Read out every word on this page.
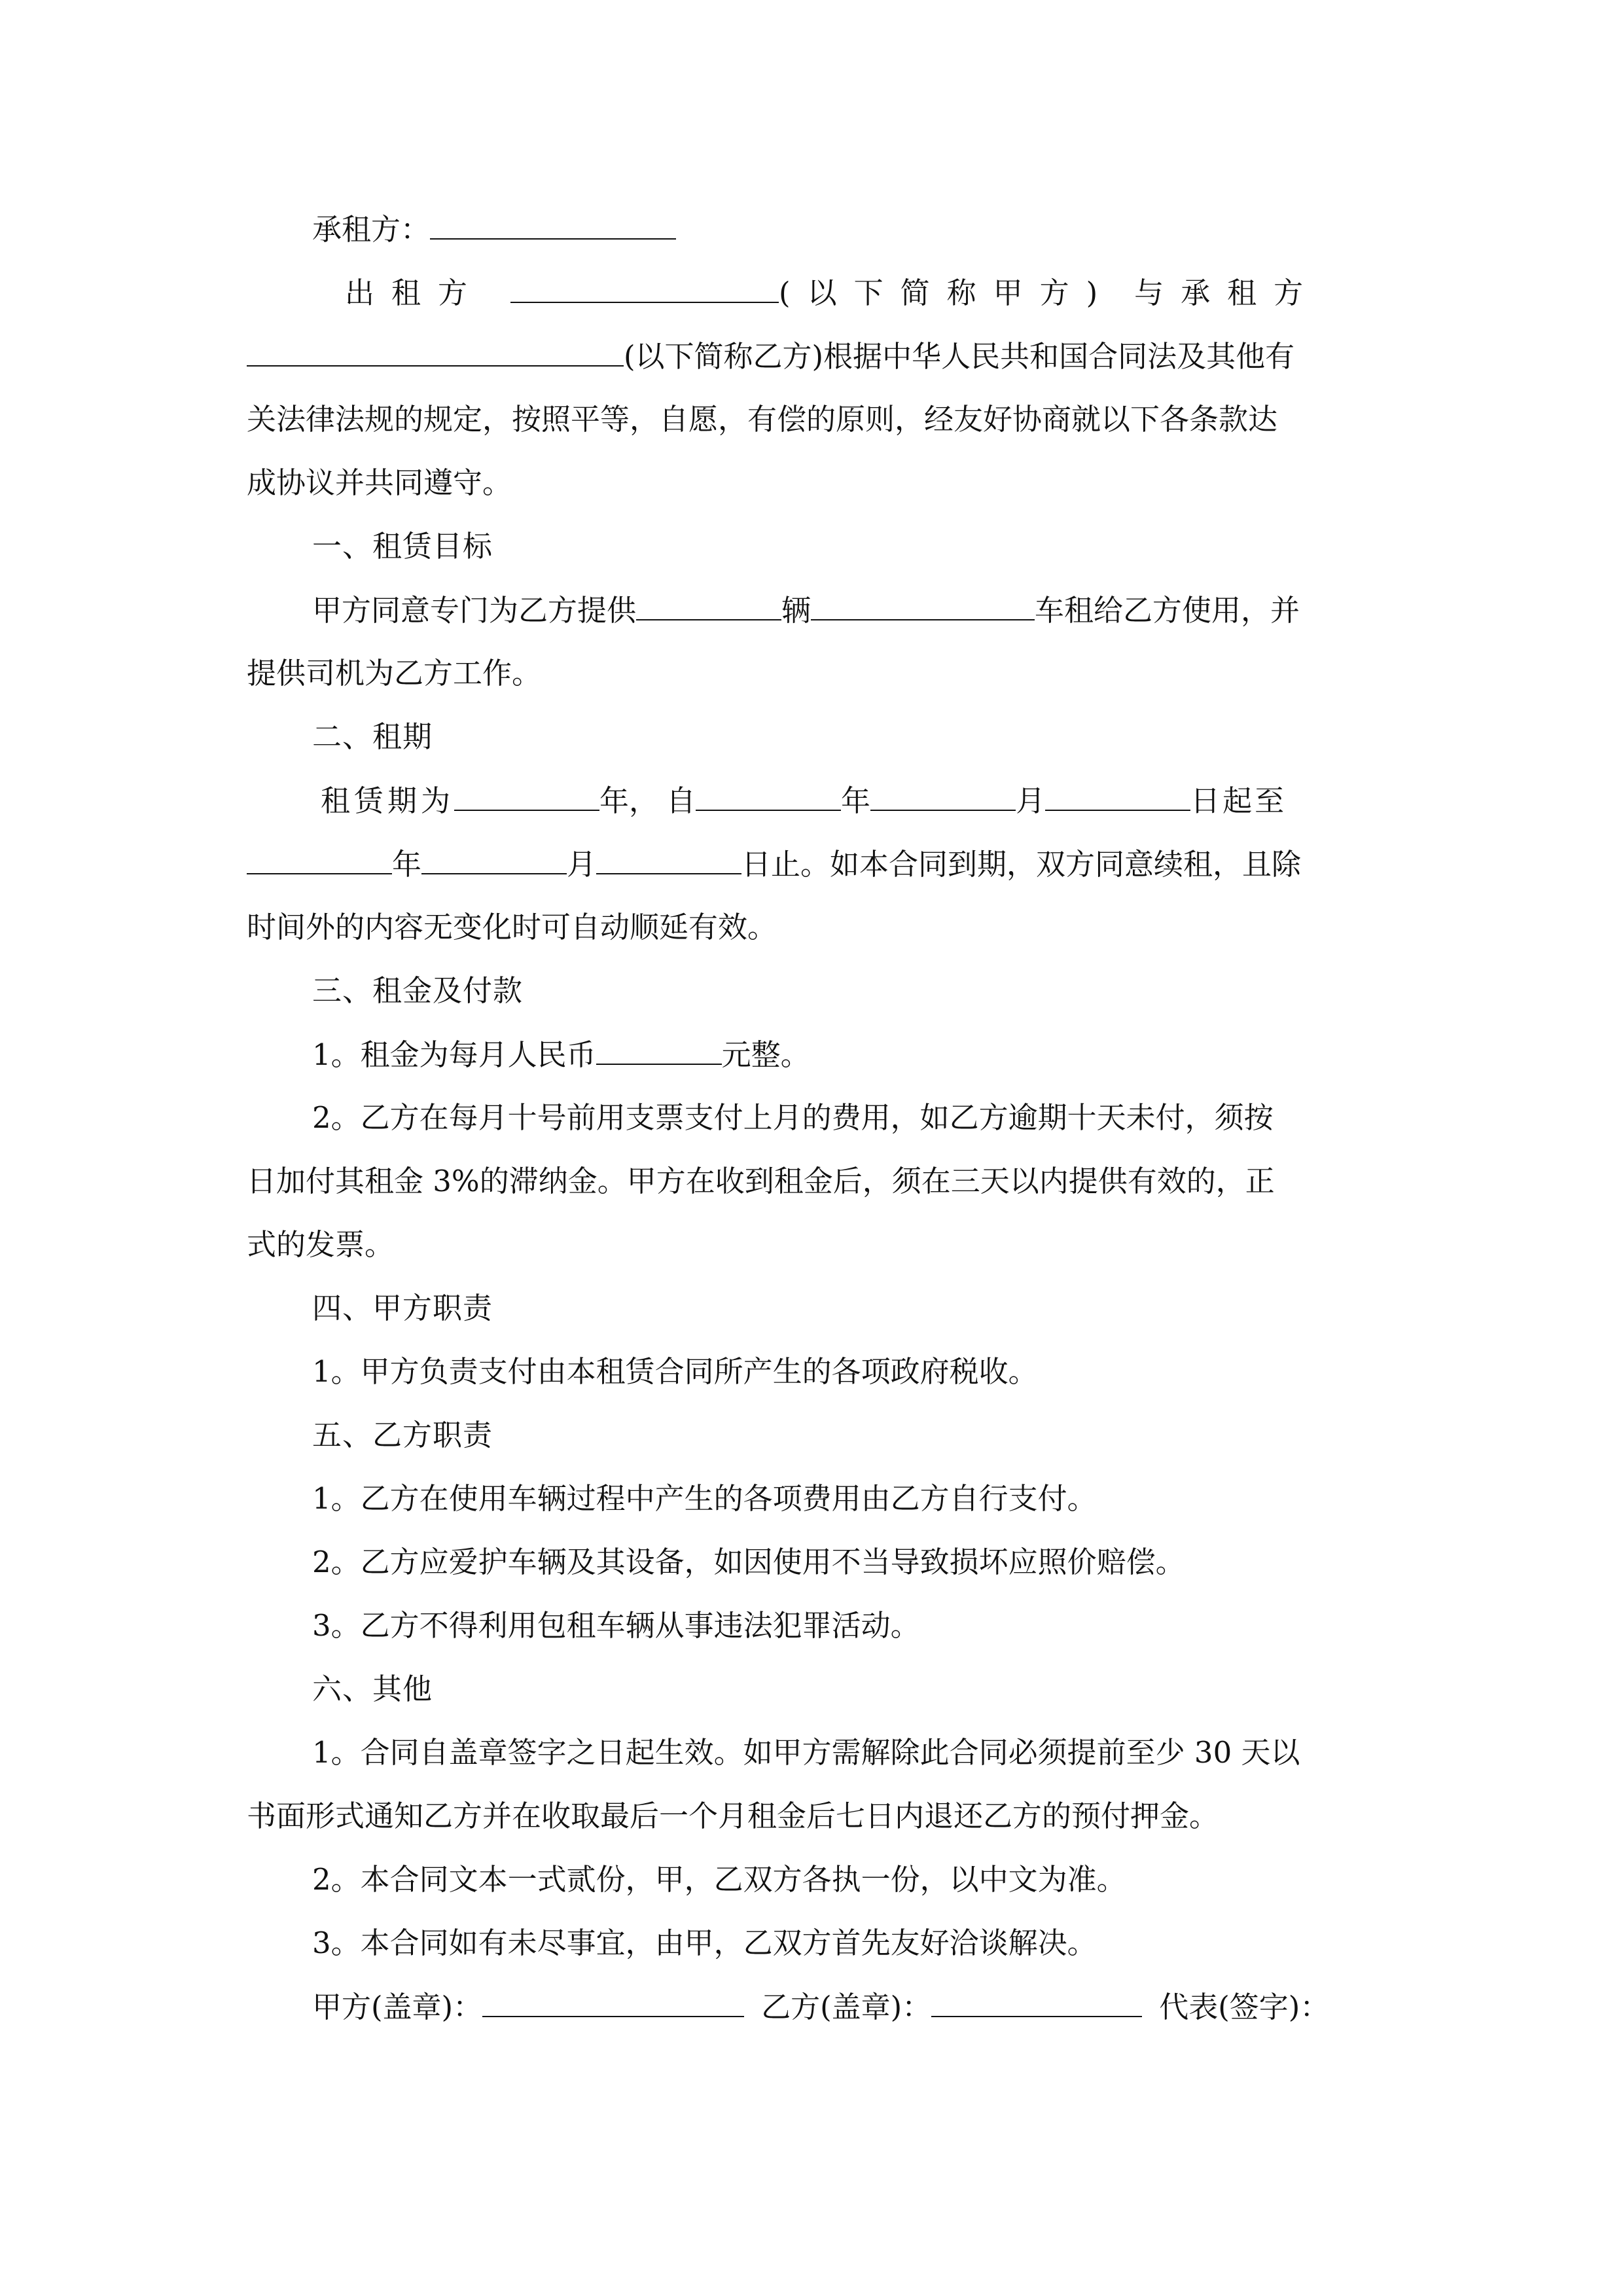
承租方：
出租方	(以下简称甲方) 与承租方
(以下简称乙方)根据中华人民共和国合同法及其他有
关法律法规的规定，按照平等，自愿，有偿的原则，经友好协商就以下各条款达
成协议并共同遵守。
一、租赁目标
甲方同意专门为乙方提供	辆	车租给乙方使用，并
提供司机为乙方工作。
二、租期
租赁期为	年， 自	年	月	日起至
年	月	日止。如本合同到期，双方同意续租，且除
时间外的内容无变化时可自动顺延有效。
三、租金及付款
1。租金为每月人民币	元整。
2。乙方在每月十号前用支票支付上月的费用，如乙方逾期十天未付，须按
日加付其租金 3%的滞纳金。甲方在收到租金后，须在三天以内提供有效的，正
式的发票。
四、甲方职责
1。甲方负责支付由本租赁合同所产生的各项政府税收。
五、乙方职责
1。乙方在使用车辆过程中产生的各项费用由乙方自行支付。
2。乙方应爱护车辆及其设备，如因使用不当导致损坏应照价赔偿。
3。乙方不得利用包租车辆从事违法犯罪活动。
六、其他
1。合同自盖章签字之日起生效。如甲方需解除此合同必须提前至少 30 天以
书面形式通知乙方并在收取最后一个月租金后七日内退还乙方的预付押金。
2。本合同文本一式贰份，甲，乙双方各执一份，以中文为准。
3。本合同如有未尽事宜，由甲，乙双方首先友好洽谈解决。
甲方(盖章)：	乙方(盖章)：	代表(签字)：
